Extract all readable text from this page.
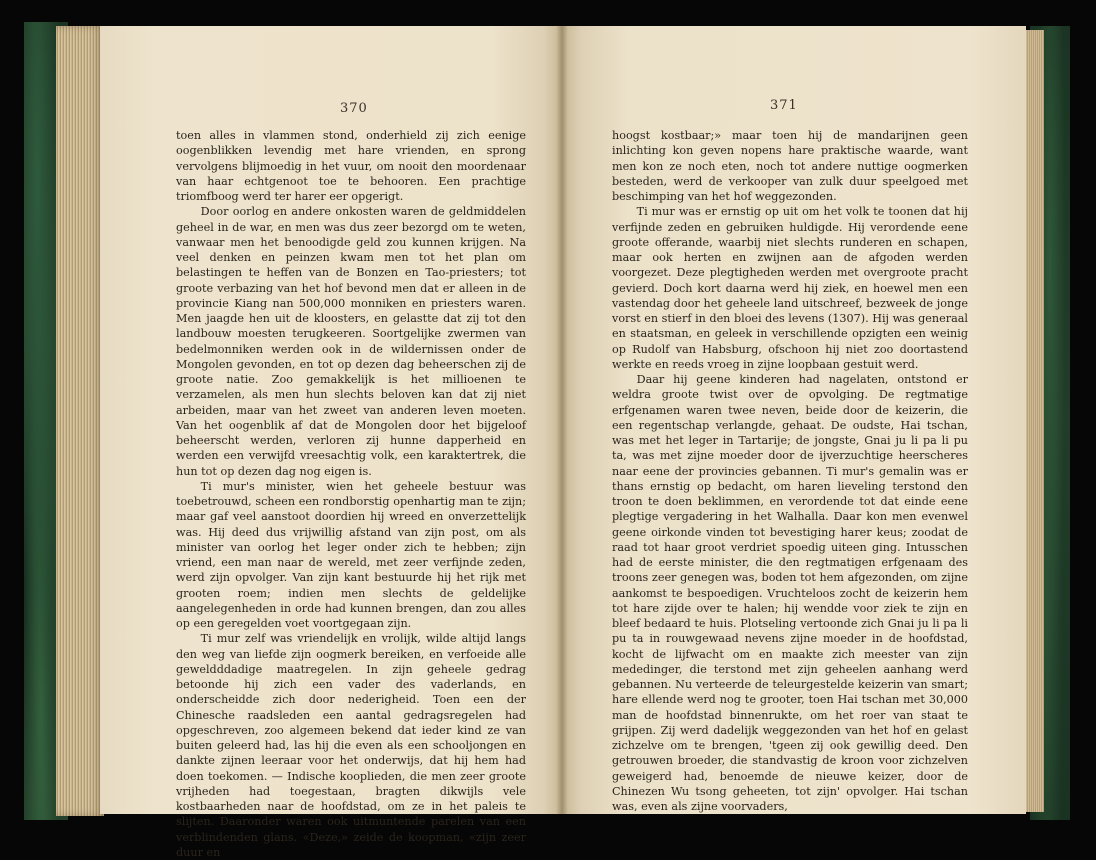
370

toen alles in vlammen stond, onderhield zij zich eenige oogenblikken levendig met hare vrienden, en sprong vervolgens blijmoedig in het vuur, om nooit den moordenaar van haar echtgenoot toe te behooren. Een prachtige triomfboog werd ter harer eer opgerigt.

Door oorlog en andere onkosten waren de geldmiddelen geheel in de war, en men was dus zeer bezorgd om te weten, vanwaar men het benoodigde geld zou kunnen krijgen. Na veel denken en peinzen kwam men tot het plan om belastingen te heffen van de Bonzen en Tao-priesters; tot groote verbazing van het hof bevond men dat er alleen in de provincie Kiang nan 500,000 monniken en priesters waren. Men jaagde hen uit de kloosters, en gelastte dat zij tot den landbouw moesten terugkeeren. Soortgelijke zwermen van bedelmonniken werden ook in de wildernissen onder de Mongolen gevonden, en tot op dezen dag beheerschen zij de groote natie. Zoo gemakkelijk is het millioenen te verzamelen, als men hun slechts beloven kan dat zij niet arbeiden, maar van het zweet van anderen leven moeten. Van het oogenblik af dat de Mongolen door het bijgeloof beheerscht werden, verloren zij hunne dapperheid en werden een verwijfd vreesachtig volk, een karaktertrek, die hun tot op dezen dag nog eigen is.

Ti mur's minister, wien het geheele bestuur was toebetrouwd, scheen een rondborstig openhartig man te zijn; maar gaf veel aanstoot doordien hij wreed en onverzettelijk was. Hij deed dus vrijwillig afstand van zijn post, om als minister van oorlog het leger onder zich te hebben; zijn vriend, een man naar de wereld, met zeer verfijnde zeden, werd zijn opvolger. Van zijn kant bestuurde hij het rijk met grooten roem; indien men slechts de geldelijke aangelegenheden in orde had kunnen brengen, dan zou alles op een geregelden voet voortgegaan zijn.

Ti mur zelf was vriendelijk en vrolijk, wilde altijd langs den weg van liefde zijn oogmerk bereiken, en verfoeide alle geweldddadige maatregelen. In zijn geheele gedrag betoonde hij zich een vader des vaderlands, en onderscheidde zich door nederigheid. Toen een der Chinesche raadsleden een aantal gedragsregelen had opgeschreven, zoo algemeen bekend dat ieder kind ze van buiten geleerd had, las hij die even als een schooljongen en dankte zijnen leeraar voor het onderwijs, dat hij hem had doen toekomen. — Indische kooplieden, die men zeer groote vrijheden had toegestaan, bragten dikwijls vele kostbaarheden naar de hoofdstad, om ze in het paleis te slijten. Daaronder waren ook uitmuntende parelen van een verblindenden glans. «Deze,» zeide de koopman, «zijn zeer duur en

371

hoogst kostbaar;» maar toen hij de mandarijnen geen inlichting kon geven nopens hare praktische waarde, want men kon ze noch eten, noch tot andere nuttige oogmerken besteden, werd de verkooper van zulk duur speelgoed met beschimping van het hof weggezonden.

Ti mur was er ernstig op uit om het volk te toonen dat hij verfijnde zeden en gebruiken huldigde. Hij verordende eene groote offerande, waarbij niet slechts runderen en schapen, maar ook herten en zwijnen aan de afgoden werden voorgezet. Deze plegtigheden werden met overgroote pracht gevierd. Doch kort daarna werd hij ziek, en hoewel men een vastendag door het geheele land uitschreef, bezweek de jonge vorst en stierf in den bloei des levens (1307). Hij was generaal en staatsman, en geleek in verschillende opzigten een weinig op Rudolf van Habsburg, ofschoon hij niet zoo doortastend werkte en reeds vroeg in zijne loopbaan gestuit werd.

Daar hij geene kinderen had nagelaten, ontstond er weldra groote twist over de opvolging. De regtmatige erfgenamen waren twee neven, beide door de keizerin, die een regentschap verlangde, gehaat. De oudste, Hai tschan, was met het leger in Tartarije; de jongste, Gnai ju li pa li pu ta, was met zijne moeder door de ijverzuchtige heerscheres naar eene der provincies gebannen. Ti mur's gemalin was er thans ernstig op bedacht, om haren lieveling terstond den troon te doen beklimmen, en verordende tot dat einde eene plegtige vergadering in het Walhalla. Daar kon men evenwel geene oirkonde vinden tot bevestiging harer keus; zoodat de raad tot haar groot verdriet spoedig uiteen ging. Intusschen had de eerste minister, die den regtmatigen erfgenaam des troons zeer genegen was, boden tot hem afgezonden, om zijne aankomst te bespoedigen. Vruchteloos zocht de keizerin hem tot hare zijde over te halen; hij wendde voor ziek te zijn en bleef bedaard te huis. Plotseling vertoonde zich Gnai ju li pa li pu ta in rouwgewaad nevens zijne moeder in de hoofdstad, kocht de lijfwacht om en maakte zich meester van zijn mededinger, die terstond met zijn geheelen aanhang werd gebannen. Nu verteerde de teleurgestelde keizerin van smart; hare ellende werd nog te grooter, toen Hai tschan met 30,000 man de hoofdstad binnenrukte, om het roer van staat te grijpen. Zij werd dadelijk weggezonden van het hof en gelast zichzelve om te brengen, 'tgeen zij ook gewillig deed. Den getrouwen broeder, die standvastig de kroon voor zichzelven geweigerd had, benoemde de nieuwe keizer, door de Chinezen Wu tsong geheeten, tot zijn' opvolger. Hai tschan was, even als zijne voorvaders,
